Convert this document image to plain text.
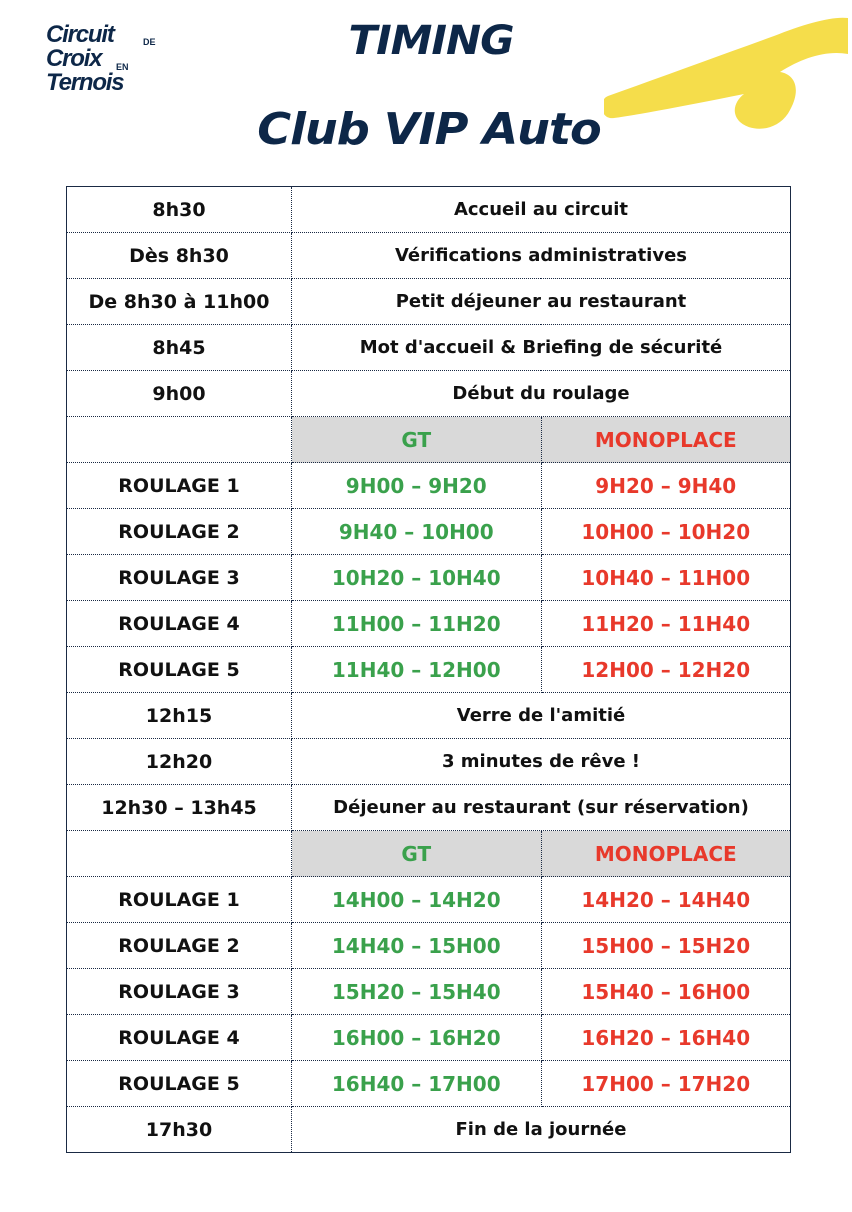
Circuit	DE
Croix EN
Ternois
TIMING
Club VIP Auto
8h30	Accueil au circuit	
Dès 8h30	Vérifications administratives	
De 8h30 à 11h00	Petit déjeuner au restaurant	
8h45	Mot d'accueil & Briefing de sécurité	
9h00	Début du roulage	
	GT	MONOPLACE
ROULAGE 1	9H00 – 9H20	9H20 – 9H40
ROULAGE 2	9H40 – 10H00	10H00 – 10H20
ROULAGE 3	10H20 – 10H40	10H40 – 11H00
ROULAGE 4	11H00 – 11H20	11H20 – 11H40
ROULAGE 5	11H40 – 12H00	12H00 – 12H20
12h15	Verre de l'amitié	
12h20	3 minutes de rêve !	
12h30 – 13h45	Déjeuner au restaurant (sur réservation)	
	GT	MONOPLACE
ROULAGE 1	14H00 – 14H20	14H20 – 14H40
ROULAGE 2	14H40 – 15H00	15H00 – 15H20
ROULAGE 3	15H20 – 15H40	15H40 – 16H00
ROULAGE 4	16H00 – 16H20	16H20 – 16H40
ROULAGE 5	16H40 – 17H00	17H00 – 17H20
17h30	Fin de la journée	
